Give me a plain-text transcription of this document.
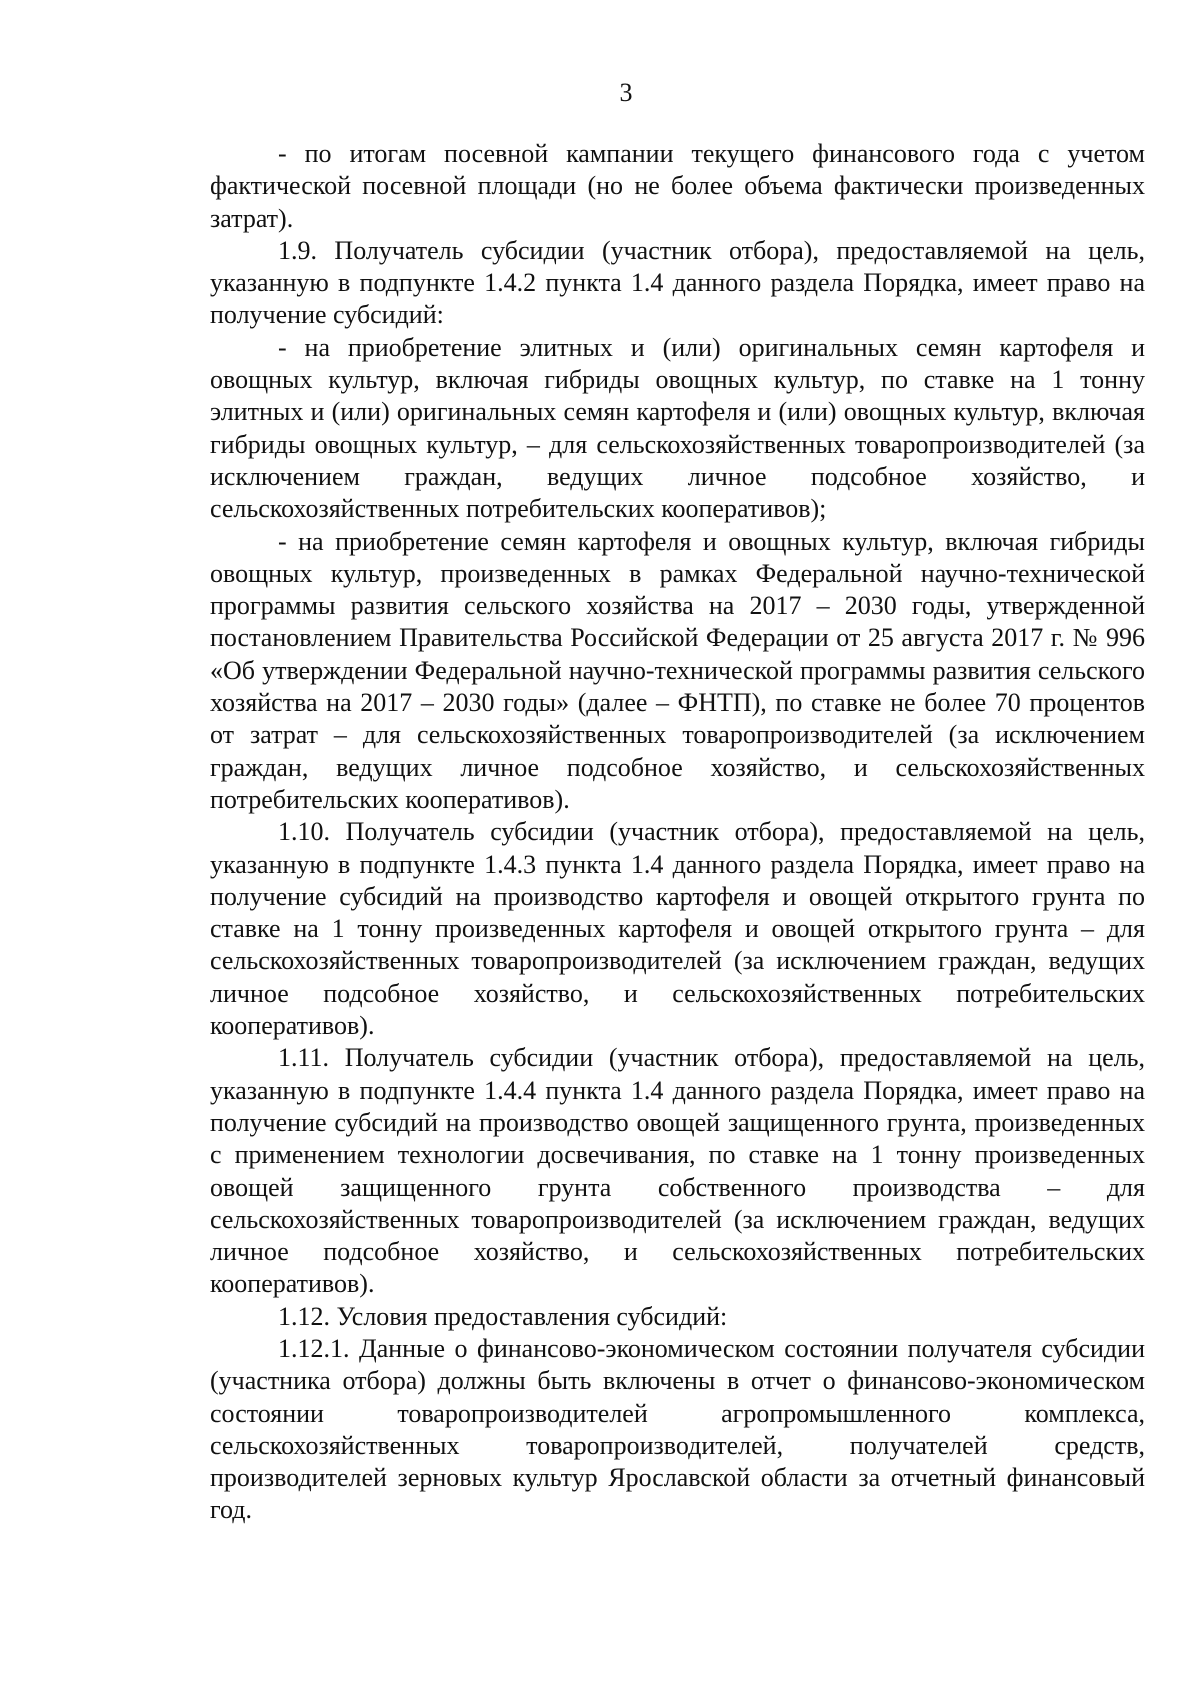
3

- по итогам посевной кампании текущего финансового года с учетом фактической посевной площади (но не более объема фактически произведенных затрат).

1.9. Получатель субсидии (участник отбора), предоставляемой на цель, указанную в подпункте 1.4.2 пункта 1.4 данного раздела Порядка, имеет право на получение субсидий:

- на приобретение элитных и (или) оригинальных семян картофеля и овощных культур, включая гибриды овощных культур, по ставке на 1 тонну элитных и (или) оригинальных семян картофеля и (или) овощных культур, включая гибриды овощных культур, – для сельскохозяйственных товаропроизводителей (за исключением граждан, ведущих личное подсобное хозяйство, и сельскохозяйственных потребительских кооперативов);

- на приобретение семян картофеля и овощных культур, включая гибриды овощных культур, произведенных в рамках Федеральной научно-технической программы развития сельского хозяйства на 2017 – 2030 годы, утвержденной постановлением Правительства Российской Федерации от 25 августа 2017 г. № 996 «Об утверждении Федеральной научно-технической программы развития сельского хозяйства на 2017 – 2030 годы» (далее – ФНТП), по ставке не более 70 процентов от затрат – для сельскохозяйственных товаропроизводителей (за исключением граждан, ведущих личное подсобное хозяйство, и сельскохозяйственных потребительских кооперативов).

1.10. Получатель субсидии (участник отбора), предоставляемой на цель, указанную в подпункте 1.4.3 пункта 1.4 данного раздела Порядка, имеет право на получение субсидий на производство картофеля и овощей открытого грунта по ставке на 1 тонну произведенных картофеля и овощей открытого грунта – для сельскохозяйственных товаропроизводителей (за исключением граждан, ведущих личное подсобное хозяйство, и сельскохозяйственных потребительских кооперативов).

1.11. Получатель субсидии (участник отбора), предоставляемой на цель, указанную в подпункте 1.4.4 пункта 1.4 данного раздела Порядка, имеет право на получение субсидий на производство овощей защищенного грунта, произведенных с применением технологии досвечивания, по ставке на 1 тонну произведенных овощей защищенного грунта собственного производства – для сельскохозяйственных товаропроизводителей (за исключением граждан, ведущих личное подсобное хозяйство, и сельскохозяйственных потребительских кооперативов).

1.12. Условия предоставления субсидий:

1.12.1. Данные о финансово-экономическом состоянии получателя субсидии (участника отбора) должны быть включены в отчет о финансово-экономическом состоянии товаропроизводителей агропромышленного комплекса, сельскохозяйственных товаропроизводителей, получателей средств, производителей зерновых культур Ярославской области за отчетный финансовый год.
